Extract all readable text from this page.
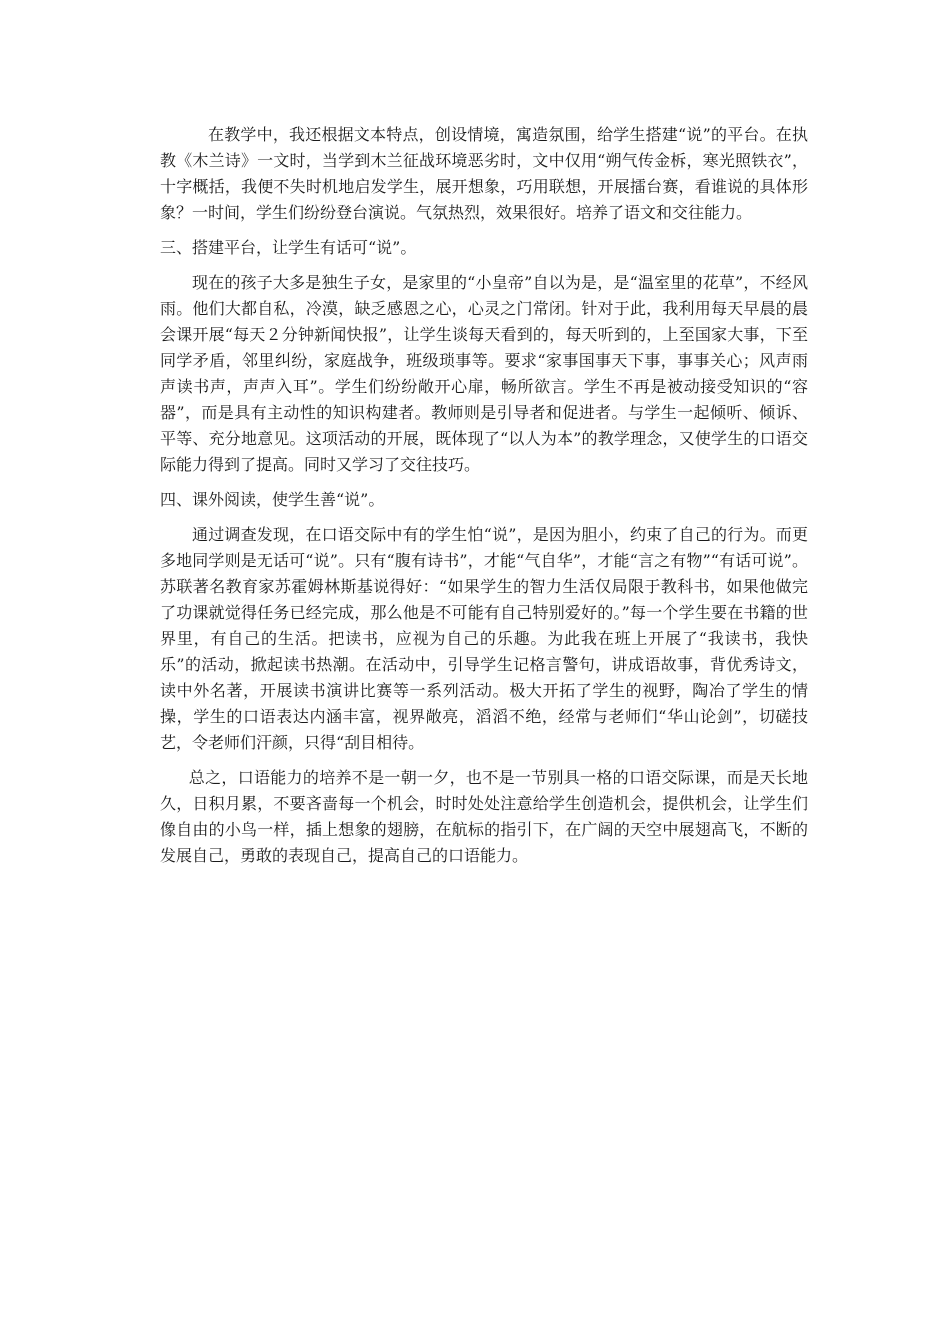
在教学中，我还根据文本特点，创设情境，寓造氛围，给学生搭建“说”的平台。在执教《木兰诗》一文时，当学到木兰征战环境恶劣时，文中仅用“朔气传金柝，寒光照铁衣”，十字概括，我便不失时机地启发学生，展开想象，巧用联想，开展擂台赛，看谁说的具体形象？一时间，学生们纷纷登台演说。气氛热烈，效果很好。培养了语文和交往能力。

三、搭建平台，让学生有话可“说”。

现在的孩子大多是独生子女，是家里的“小皇帝”自以为是，是“温室里的花草”，不经风雨。他们大都自私，冷漠，缺乏感恩之心，心灵之门常闭。针对于此，我利用每天早晨的晨会课开展“每天２分钟新闻快报”，让学生谈每天看到的，每天听到的，上至国家大事，下至同学矛盾，邻里纠纷，家庭战争，班级琐事等。要求“家事国事天下事，事事关心；风声雨声读书声，声声入耳”。学生们纷纷敞开心扉，畅所欲言。学生不再是被动接受知识的“容器”，而是具有主动性的知识构建者。教师则是引导者和促进者。与学生一起倾听、倾诉、平等、充分地意见。这项活动的开展，既体现了“以人为本”的教学理念，又使学生的口语交际能力得到了提高。同时又学习了交往技巧。

四、课外阅读，使学生善“说”。

通过调查发现，在口语交际中有的学生怕“说”，是因为胆小，约束了自己的行为。而更多地同学则是无话可“说”。只有“腹有诗书”，才能“气自华”，才能“言之有物”“有话可说”。苏联著名教育家苏霍姆林斯基说得好：“如果学生的智力生活仅局限于教科书，如果他做完了功课就觉得任务已经完成，那么他是不可能有自己特别爱好的。”每一个学生要在书籍的世界里，有自己的生活。把读书，应视为自己的乐趣。为此我在班上开展了“我读书，我快乐”的活动，掀起读书热潮。在活动中，引导学生记格言警句，讲成语故事，背优秀诗文，读中外名著，开展读书演讲比赛等一系列活动。极大开拓了学生的视野，陶冶了学生的情操，学生的口语表达内涵丰富，视界敞亮，滔滔不绝，经常与老师们“华山论剑”，切磋技艺，令老师们汗颜，只得“刮目相待。

总之，口语能力的培养不是一朝一夕，也不是一节别具一格的口语交际课，而是天长地久，日积月累，不要吝啬每一个机会，时时处处注意给学生创造机会，提供机会，让学生们像自由的小鸟一样，插上想象的翅膀，在航标的指引下，在广阔的天空中展翅高飞，不断的发展自己，勇敢的表现自己，提高自己的口语能力。
